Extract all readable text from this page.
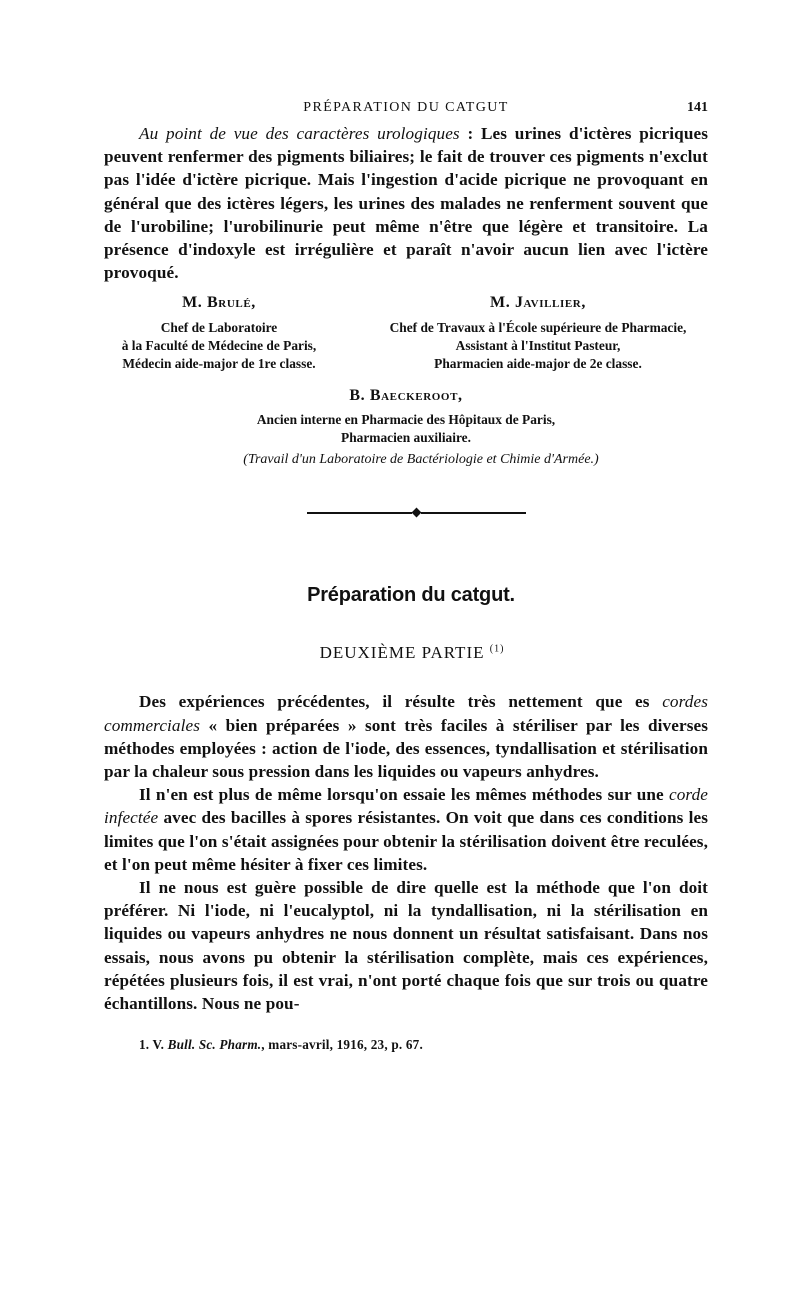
PRÉPARATION DU CATGUT	141

Au point de vue des caractères urologiques : Les urines d'ictères picriques peuvent renfermer des pigments biliaires; le fait de trouver ces pigments n'exclut pas l'idée d'ictère picrique. Mais l'ingestion d'acide picrique ne provoquant en général que des ictères légers, les urines des malades ne renferment souvent que de l'urobiline; l'urobilinurie peut même n'être que légère et transitoire. La présence d'indoxyle est irrégulière et paraît n'avoir aucun lien avec l'ictère provoqué.

M. Brulé,
Chef de Laboratoire
à la Faculté de Médecine de Paris,
Médecin aide-major de 1re classe.
M. Javillier,
Chef de Travaux à l'École supérieure de Pharmacie,
Assistant à l'Institut Pasteur,
Pharmacien aide-major de 2e classe.
B. Baeckeroot,
Ancien interne en Pharmacie des Hôpitaux de Paris,
Pharmacien auxiliaire.
(Travail d'un Laboratoire de Bactériologie et Chimie d'Armée.)
Préparation du catgut.
DEUXIÈME PARTIE $^{(1)}$

Des expériences précédentes, il résulte très nettement que es cordes commerciales « bien préparées » sont très faciles à stériliser par les diverses méthodes employées : action de l'iode, des essences, tyndallisation et stérilisation par la chaleur sous pression dans les liquides ou vapeurs anhydres.

Il n'en est plus de même lorsqu'on essaie les mêmes méthodes sur une corde infectée avec des bacilles à spores résistantes. On voit que dans ces conditions les limites que l'on s'était assignées pour obtenir la stérilisation doivent être reculées, et l'on peut même hésiter à fixer ces limites.

Il ne nous est guère possible de dire quelle est la méthode que l'on doit préférer. Ni l'iode, ni l'eucalyptol, ni la tyndallisation, ni la stérilisation en liquides ou vapeurs anhydres ne nous donnent un résultat satisfaisant. Dans nos essais, nous avons pu obtenir la stérilisation complète, mais ces expériences, répétées plusieurs fois, il est vrai, n'ont porté chaque fois que sur trois ou quatre échantillons. Nous ne pou-

1. V. Bull. Sc. Pharm., mars-avril, 1916, 23, p. 67.
